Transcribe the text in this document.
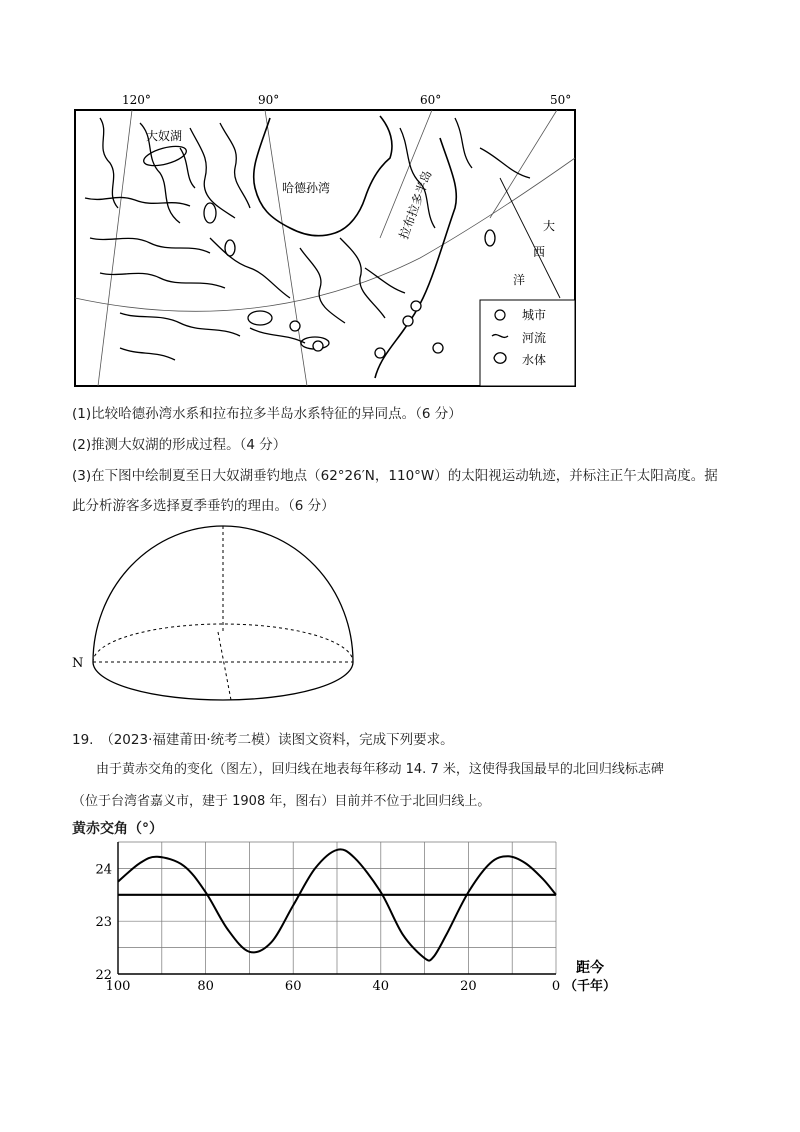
120°	90°	60°	50°
大奴湖
哈德孙湾	拉布拉多半岛	大
西
洋
城市
河流
水体
(1)比较哈德孙湾水系和拉布拉多半岛水系特征的异同点。（6 分）
(2)推测大奴湖的形成过程。（4 分）
(3)在下图中绘制夏至日大奴湖垂钓地点（62°26′N，110°W）的太阳视运动轨迹，并标注正午太阳高度。据
此分析游客多选择夏季垂钓的理由。（6 分）
N
19.　（2023·福建莆田·统考二模）读图文资料，完成下列要求。
由于黄赤交角的变化（图左），回归线在地表每年移动 14. 7 米，这使得我国最早的北回归线标志碑
（位于台湾省嘉义市，建于 1908 年，图右）目前并不位于北回归线上。
黄赤交角（°）
100	80	60	40	20	0
24
23
22	距今
（千年）
